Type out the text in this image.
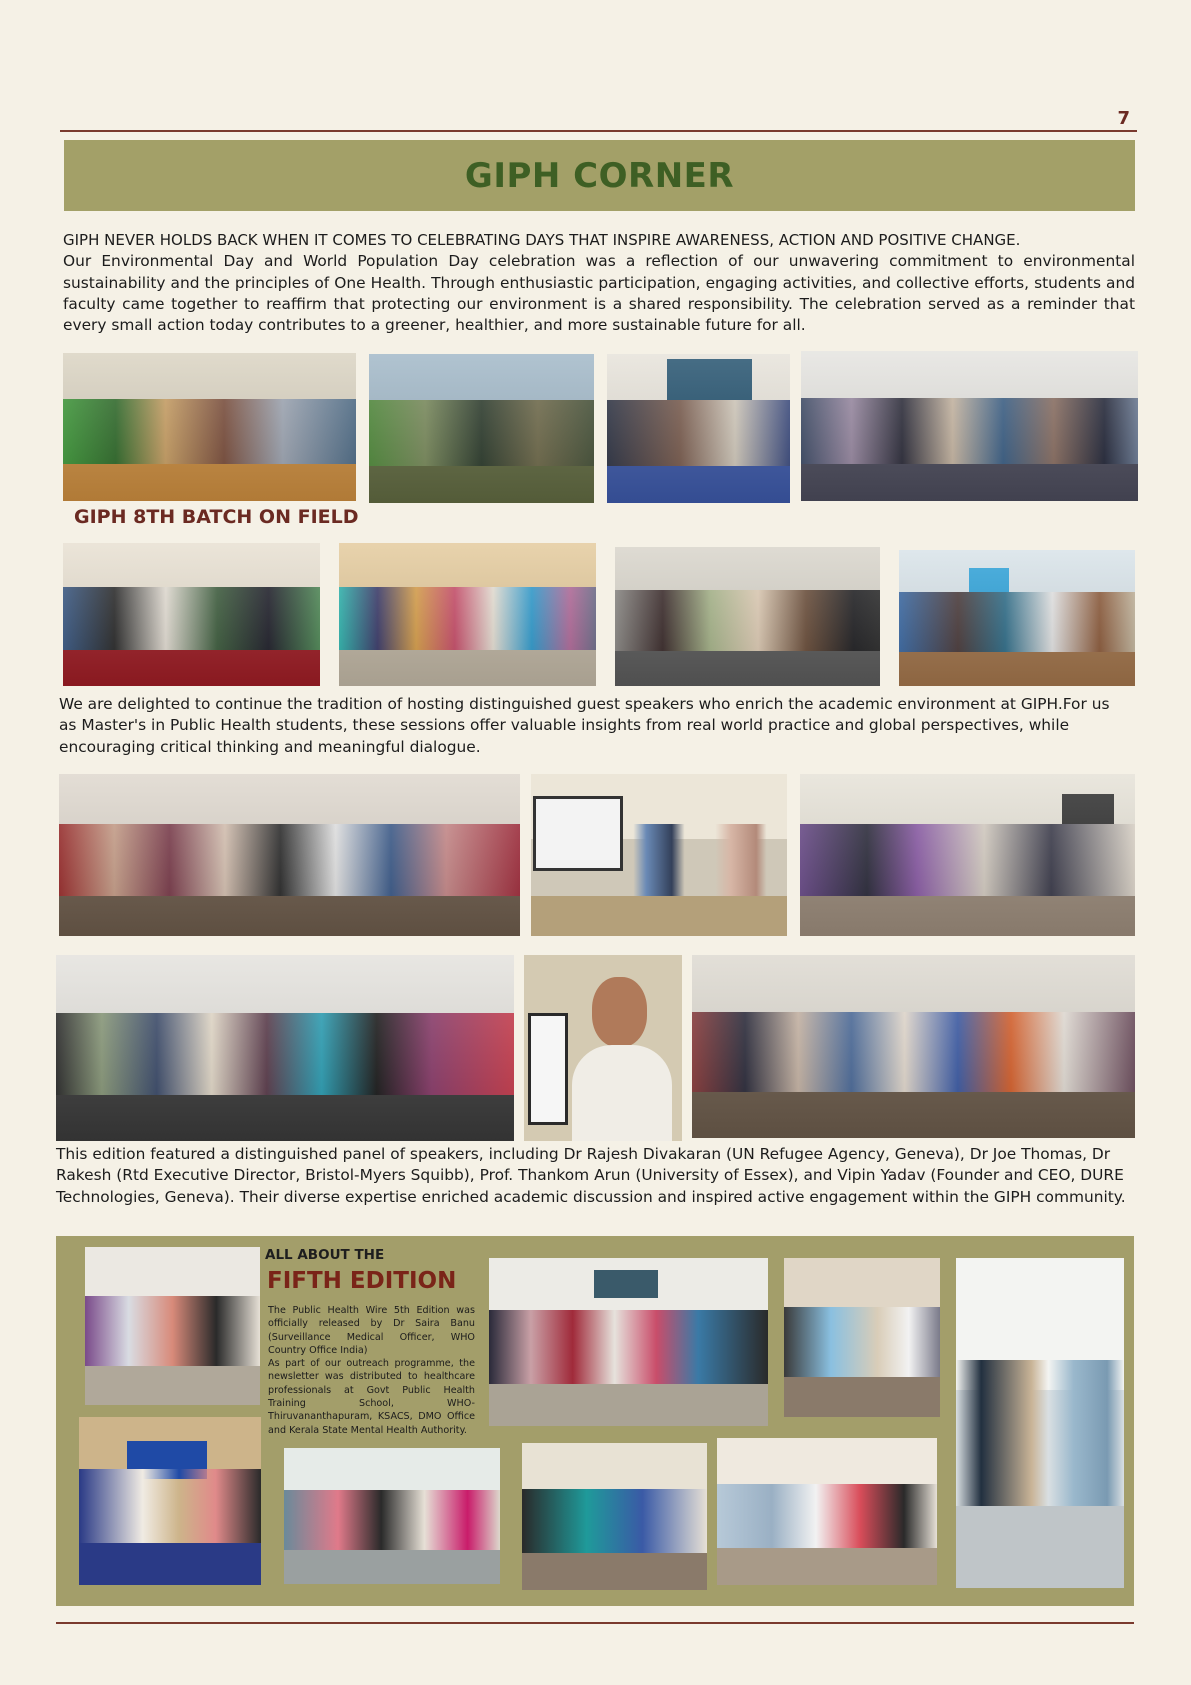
7
GIPH CORNER
GIPH NEVER HOLDS BACK WHEN IT COMES TO CELEBRATING DAYS THAT INSPIRE AWARENESS, ACTION AND POSITIVE CHANGE.
Our Environmental Day and World Population Day celebration was a reflection of our unwavering commitment to environmental sustainability and the principles of One Health. Through enthusiastic participation, engaging activities, and collective efforts, students and faculty came together to reaffirm that protecting our environment is a shared responsibility. The celebration served as a reminder that every small action today contributes to a greener, healthier, and more sustainable future for all.
GIPH 8TH BATCH ON FIELD
We are delighted to continue the tradition of hosting distinguished guest speakers who enrich the academic environment at GIPH.For us as Master's in Public Health students, these sessions offer valuable insights from real world practice and global perspectives, while encouraging critical thinking and meaningful dialogue.
This edition featured a distinguished panel of speakers, including Dr Rajesh Divakaran (UN Refugee Agency, Geneva), Dr Joe Thomas, Dr Rakesh (Rtd Executive Director, Bristol-Myers Squibb), Prof. Thankom Arun (University of Essex), and Vipin Yadav (Founder and CEO, DURE Technologies, Geneva). Their diverse expertise enriched academic discussion and inspired active engagement within the GIPH community.
ALL ABOUT THE
FIFTH EDITION
The Public Health Wire 5th Edition was officially released by Dr Saira Banu (Surveillance Medical Officer, WHO Country Office India)
As part of our outreach programme, the newsletter was distributed to healthcare professionals at Govt Public Health Training School, WHO-Thiruvananthapuram, KSACS, DMO Office and Kerala State Mental Health Authority.
